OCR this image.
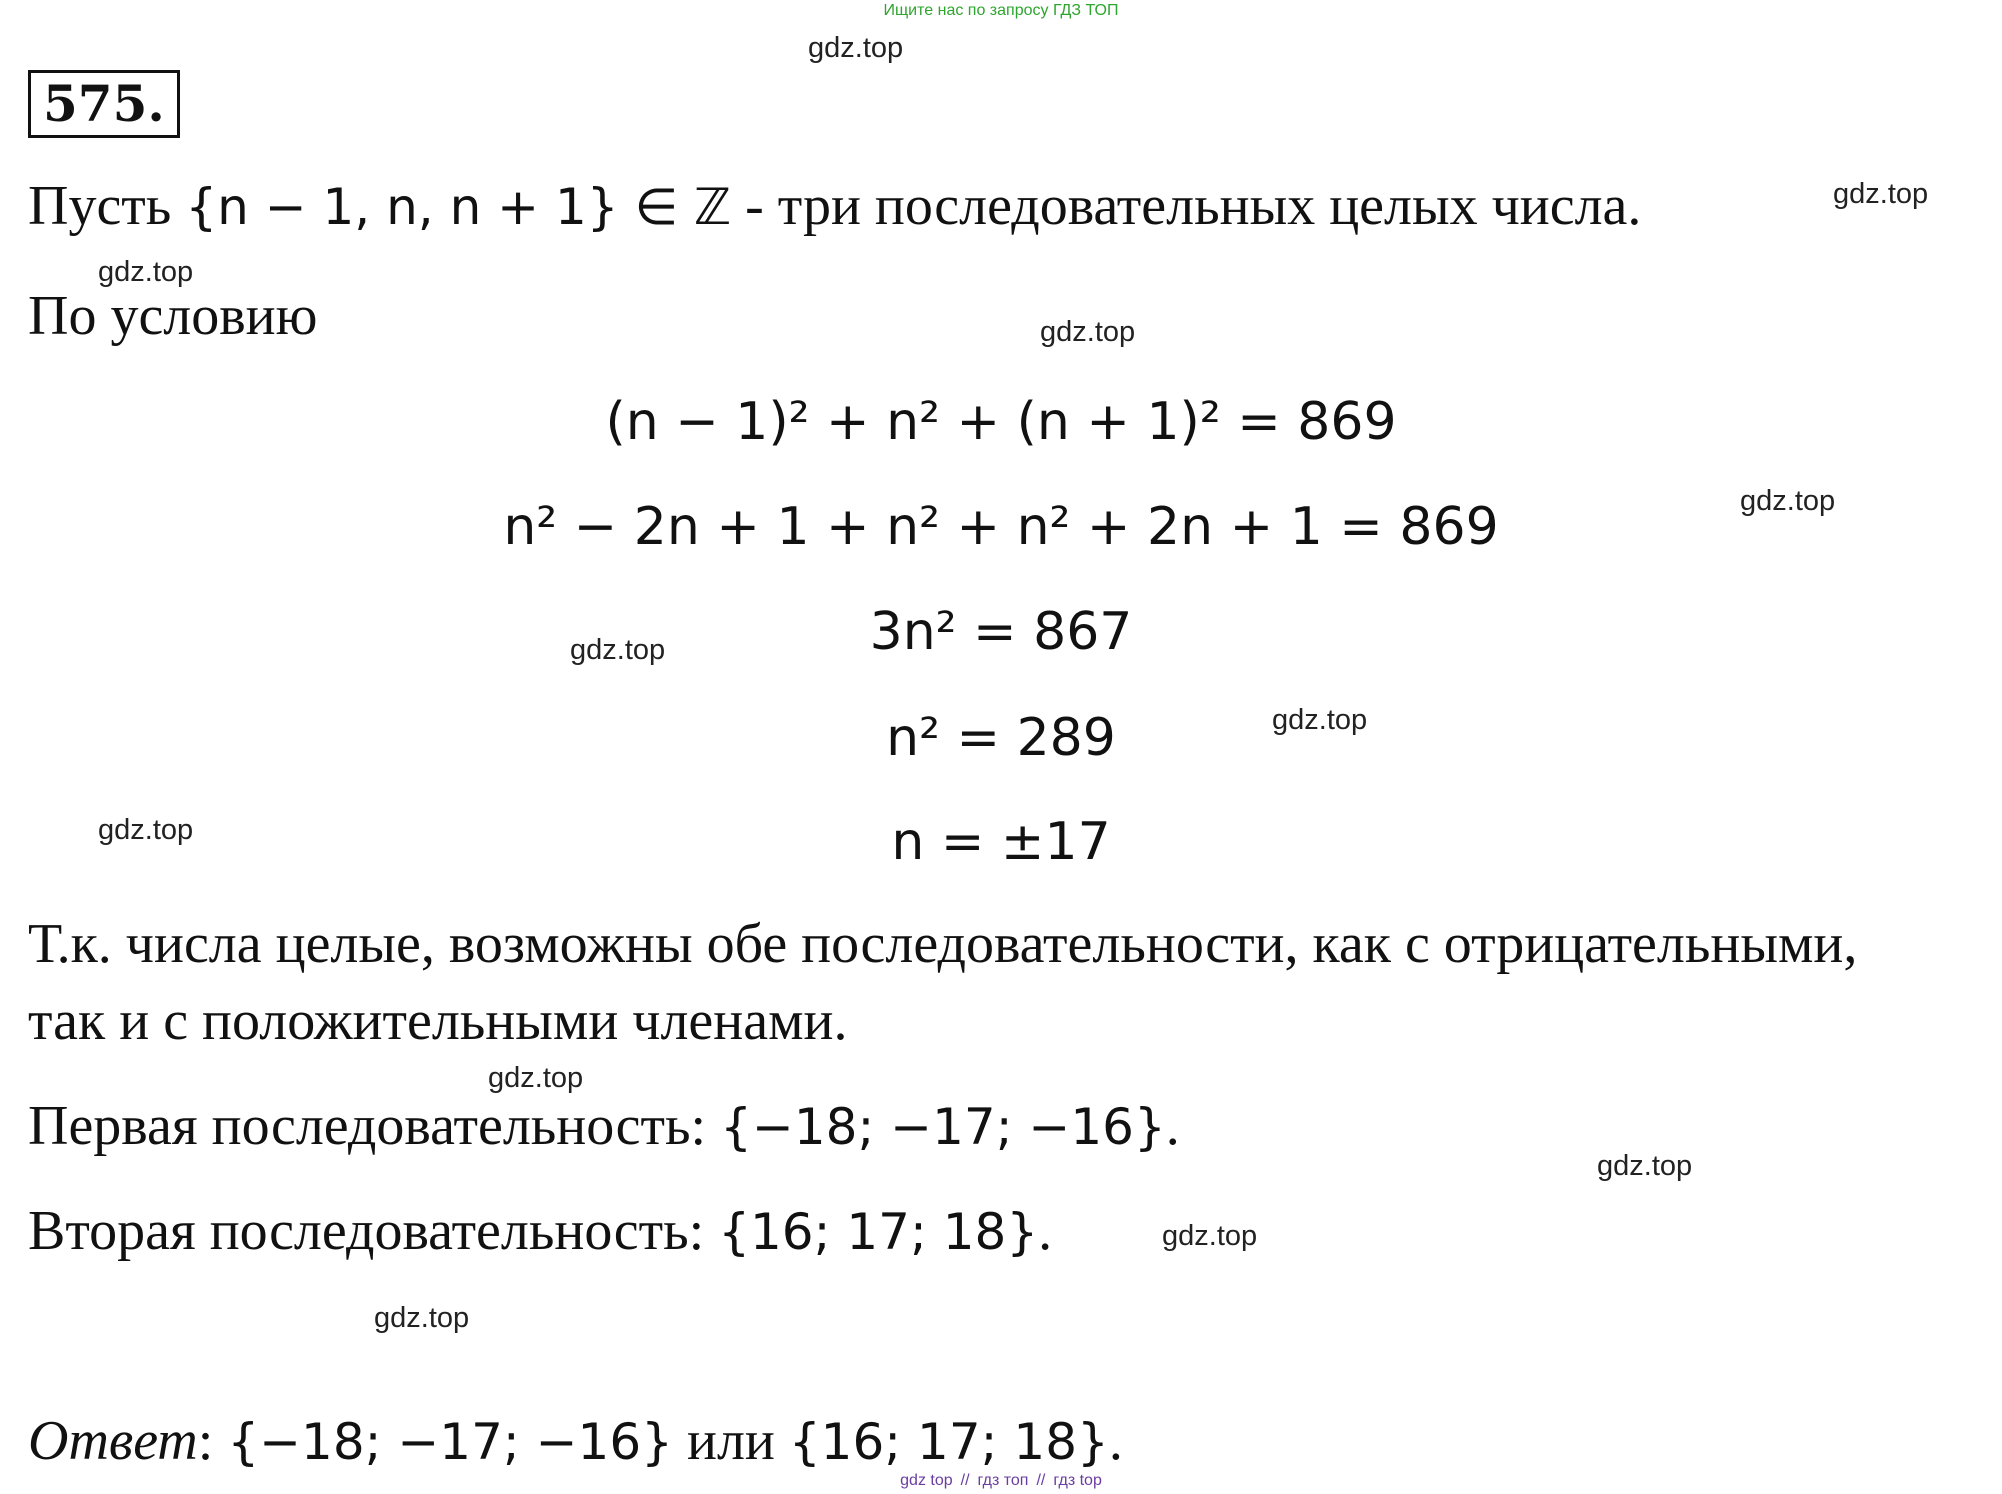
Ищите нас по запросу ГДЗ ТОП
575.
Пусть {n − 1, n, n + 1} ∈ ℤ - три последовательных целых числа.
По условию
(n − 1)² + n² + (n + 1)² = 869
n² − 2n + 1 + n² + n² + 2n + 1 = 869
3n² = 867
n² = 289
n = ±17
Т.к. числа целые, возможны обе последовательности, как с отрицательными,
так и с положительными членами.
Первая последовательность: {−18; −17; −16}.
Вторая последовательность: {16; 17; 18}.
Ответ: {−18; −17; −16} или {16; 17; 18}.
gdz.top
gdz.top
gdz.top
gdz.top
gdz.top
gdz.top
gdz.top
gdz.top
gdz.top
gdz.top
gdz.top
gdz.top
gdz top // гдз топ // гдз top
